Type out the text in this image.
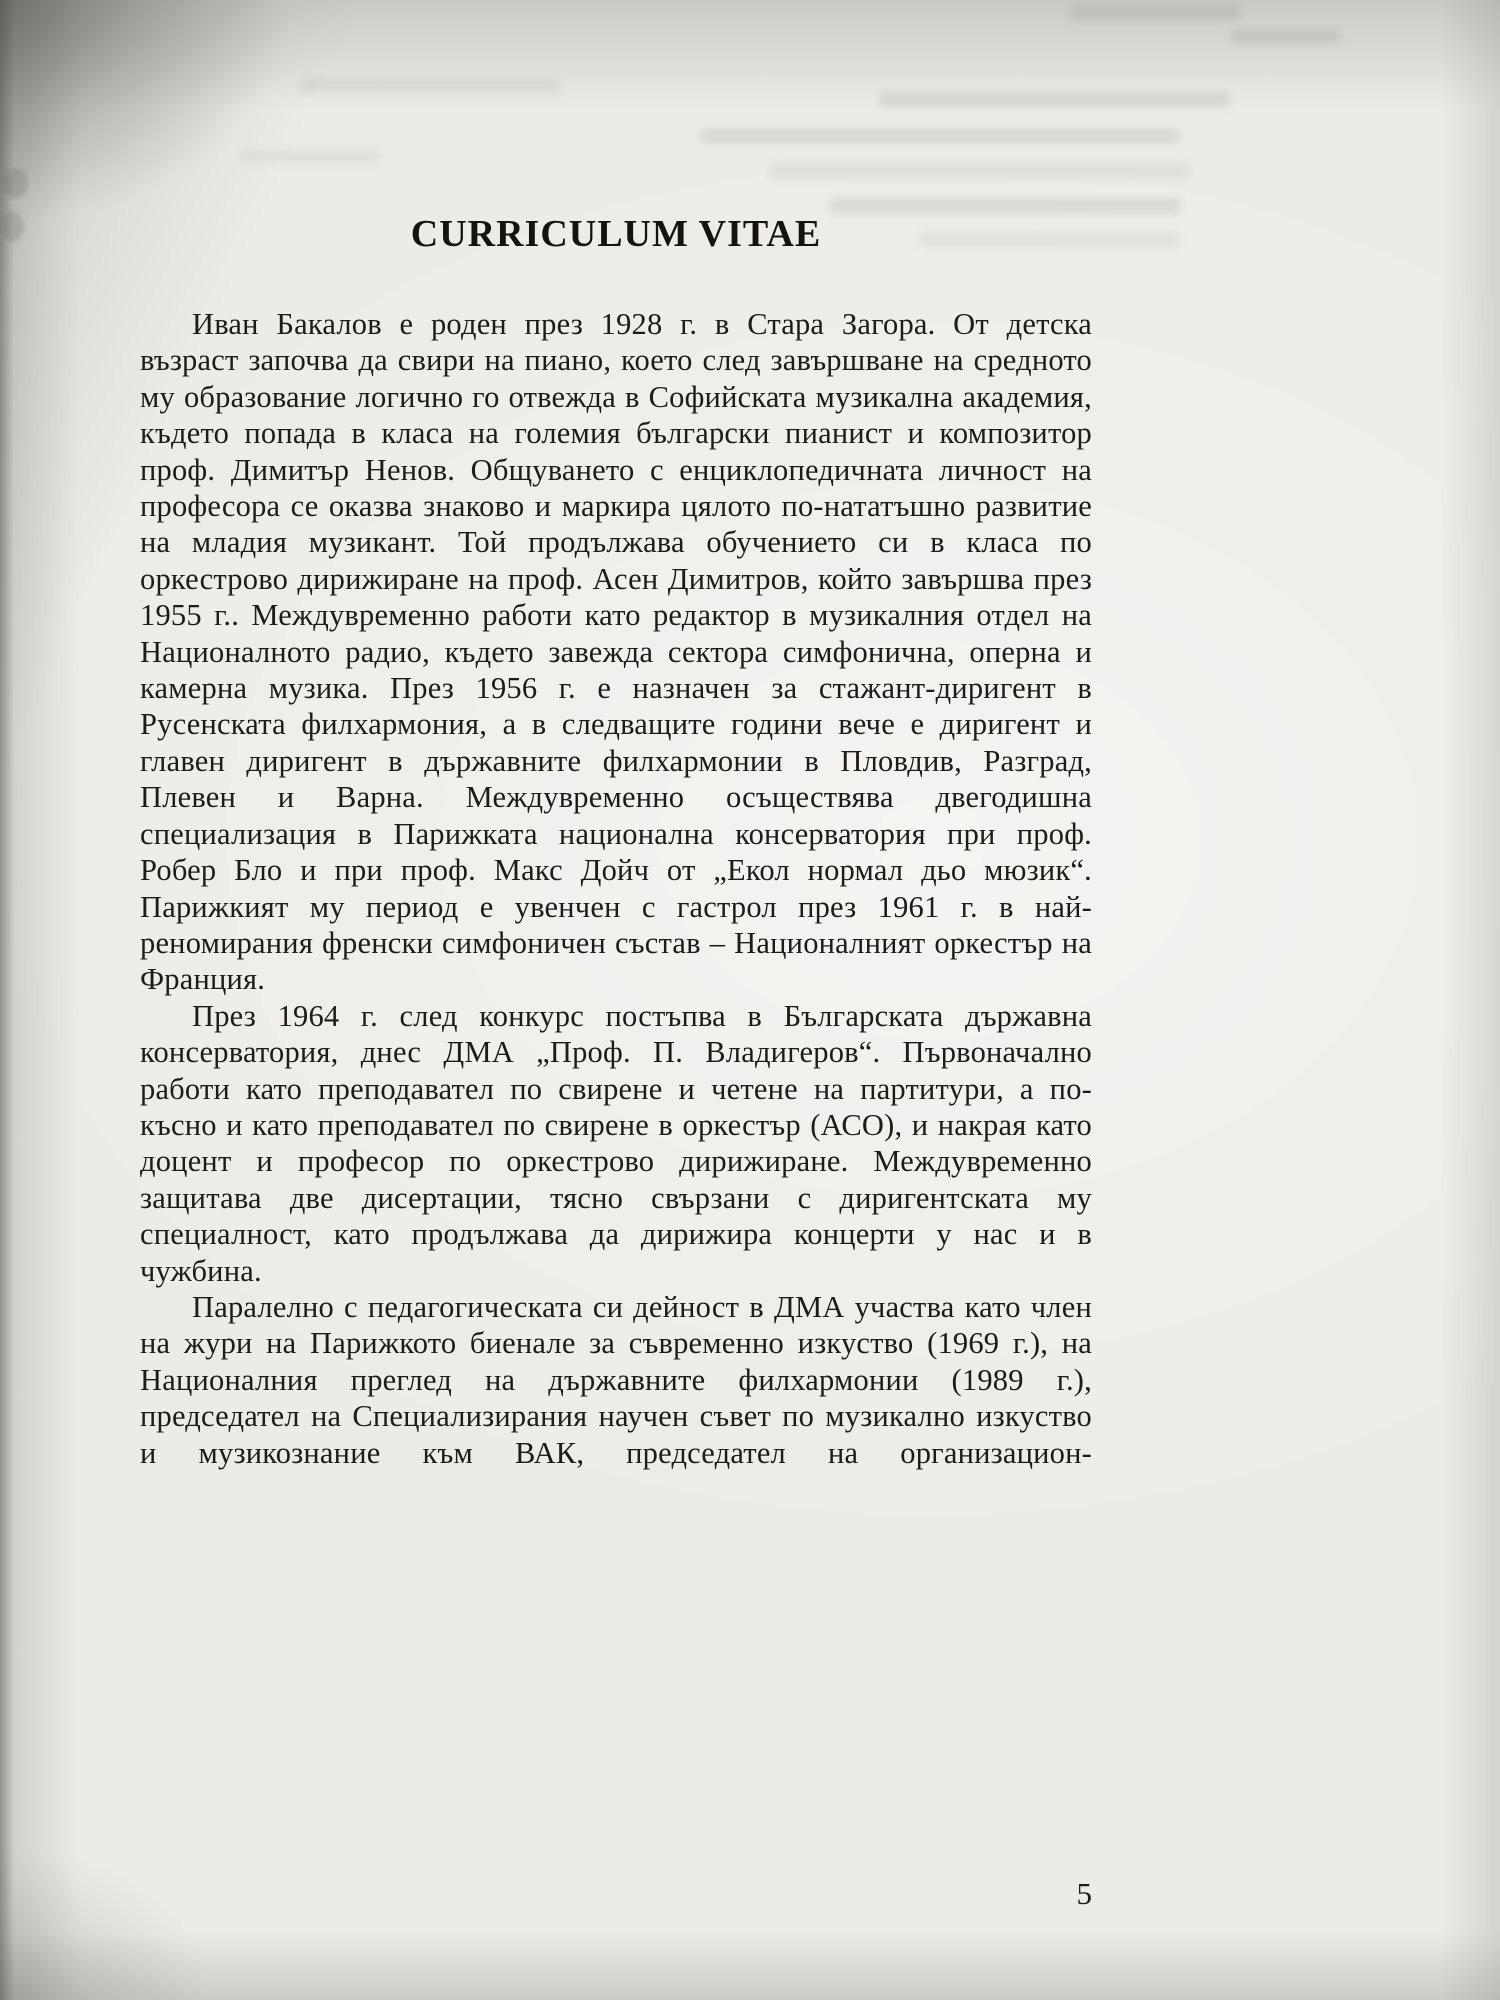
CURRICULUM VITAE

Иван Бакалов е роден през 1928 г. в Стара Загора. От детска възраст започва да свири на пиано, което след завършване на средното му образование логично го отвежда в Софийската музикална академия, където попада в класа на големия български пианист и композитор проф. Димитър Ненов. Общуването с енциклопедичната личност на професора се оказва знаково и маркира цялото по-нататъшно развитие на младия музикант. Той продължава обучението си в класа по оркестрово дирижиране на проф. Асен Димитров, който завършва през 1955 г.. Междувременно работи като редактор в музикалния отдел на Националното радио, където завежда сектора симфонична, оперна и камерна музика. През 1956 г. е назначен за стажант-диригент в Русенската филхармония, а в следващите години вече е диригент и главен диригент в държавните филхармонии в Пловдив, Разград, Плевен и Варна. Междувременно осъществява двегодишна специализация в Парижката национална консерватория при проф. Робер Бло и при проф. Макс Дойч от „Екол нормал дьо мюзик“. Парижкият му период е увенчен с гастрол през 1961 г. в най-реномирания френски симфоничен състав – Националният оркестър на Франция.

През 1964 г. след конкурс постъпва в Българската държавна консерватория, днес ДМА „Проф. П. Владигеров“. Първоначално работи като преподавател по свирене и четене на партитури, а по-късно и като преподавател по свирене в оркестър (АСО), и накрая като доцент и професор по оркестрово дирижиране. Междувременно защитава две дисертации, тясно свързани с диригентската му специалност, като продължава да дирижира концерти у нас и в чужбина.

Паралелно с педагогическата си дейност в ДМА участва като член на жури на Парижкото биенале за съвременно изкуство (1969 г.), на Националния преглед на държавните филхармонии (1989 г.), председател на Специализирания научен съвет по музикално изкуство и музикознание към ВАК, председател на организацион-

5
